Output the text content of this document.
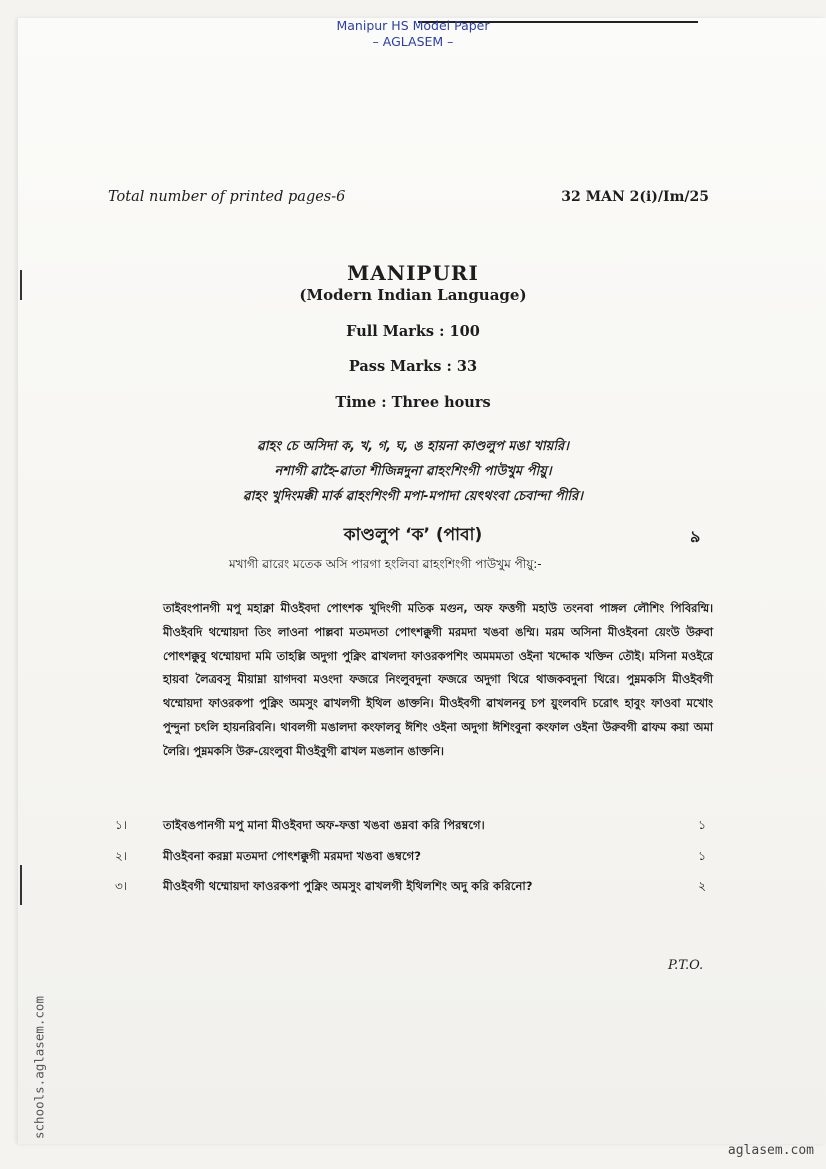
Manipur HS Model Paper
– AGLASEM –
Total number of printed pages-6	32 MAN 2(i)/Im/25
MANIPURI
(Modern Indian Language)
Full Marks : 100
Pass Marks : 33
Time : Three hours
ৱাহং চে অসিদা ক, খ, গ, ঘ, ঙ হায়না কাণ্ডলুপ মঙা খায়রি।
নশাগী ৱাহৈ-ৱাতা শীজিন্নদুনা ৱাহংশিংগী পাউখুম পীয়ু।
ৱাহং খুদিংমক্কী মার্ক ৱাহংশিংগী মপা-মপাদা য়েৎথংবা চেবান্দা পীরি।
কাণ্ডলুপ ‘ক’ (পাবা)	৯
মখাগী ৱারেং মতেক অসি পারগা হংলিবা ৱাহংশিংগী পাউখুম পীয়ু:-
তাইবংপানগী মপু মহাক্না মীওইবদা পোৎশক খুদিংগী মতিক মগুন, অফ ফত্তগী মহাউ তংনবা পাঙ্গল লৌশিং পিবিরম্মি। মীওইবদি থম্মোয়দা তিং লাওনা পাল্লবা মতমদতা পোৎশক্কুগী মরমদা খঙবা ঙম্মি। মরম অসিনা মীওইবনা য়েংউ উরুবা পোৎশক্কুবু থম্মোয়দা মমি তাহল্লি অদুগা পুক্নিং ৱাখলদা ফাওরকপশিং অমমমতা ওইনা খদ্দোক খক্তিন তৌই। মসিনা মওইরে হায়বা লৈত্রবসু মীয়াম্না য়াগদবা মওংদা ফজরে নিংলুবদুনা ফজরে অদুগা থিরে থাজকবদুনা থিরে। পুম্নমকসি মীওইবগী থম্মোয়দা ফাওরকপা পুক্নিং অমসুং ৱাখলগী ইথিল ঙাক্তনি। মীওইবগী ৱাখলনবু চপ য়ুংলবদি চরোৎ হাবুং ফাওবা মখোং পুন্দুনা চৎলি হায়নরিবনি। থাবলগী মঙালদা কংফালবু ঈশিং ওইনা অদুগা ঈশিংবুনা কংফাল ওইনা উরুবগী ৱাফম কয়া অমা লৈরি। পুম্নমকসি উরু-য়েংলুবা মীওইবুগী ৱাখল মঙলান ঙাক্তনি।
১।	তাইবঙপানগী মপু মানা মীওইবদা অফ-ফত্তা খঙবা ঙম্নবা করি পিরম্বগে।	১
২।	মীওইবনা করম্না মতমদা পোৎশক্কুগী মরমদা খঙবা ঙম্বগে?	১
৩।	মীওইবগী থম্মোয়দা ফাওরকপা পুক্নিং অমসুং ৱাখলগী ইথিলশিং অদু করি করিনো?	২
P.T.O.
schools.aglasem.com
aglasem.com
